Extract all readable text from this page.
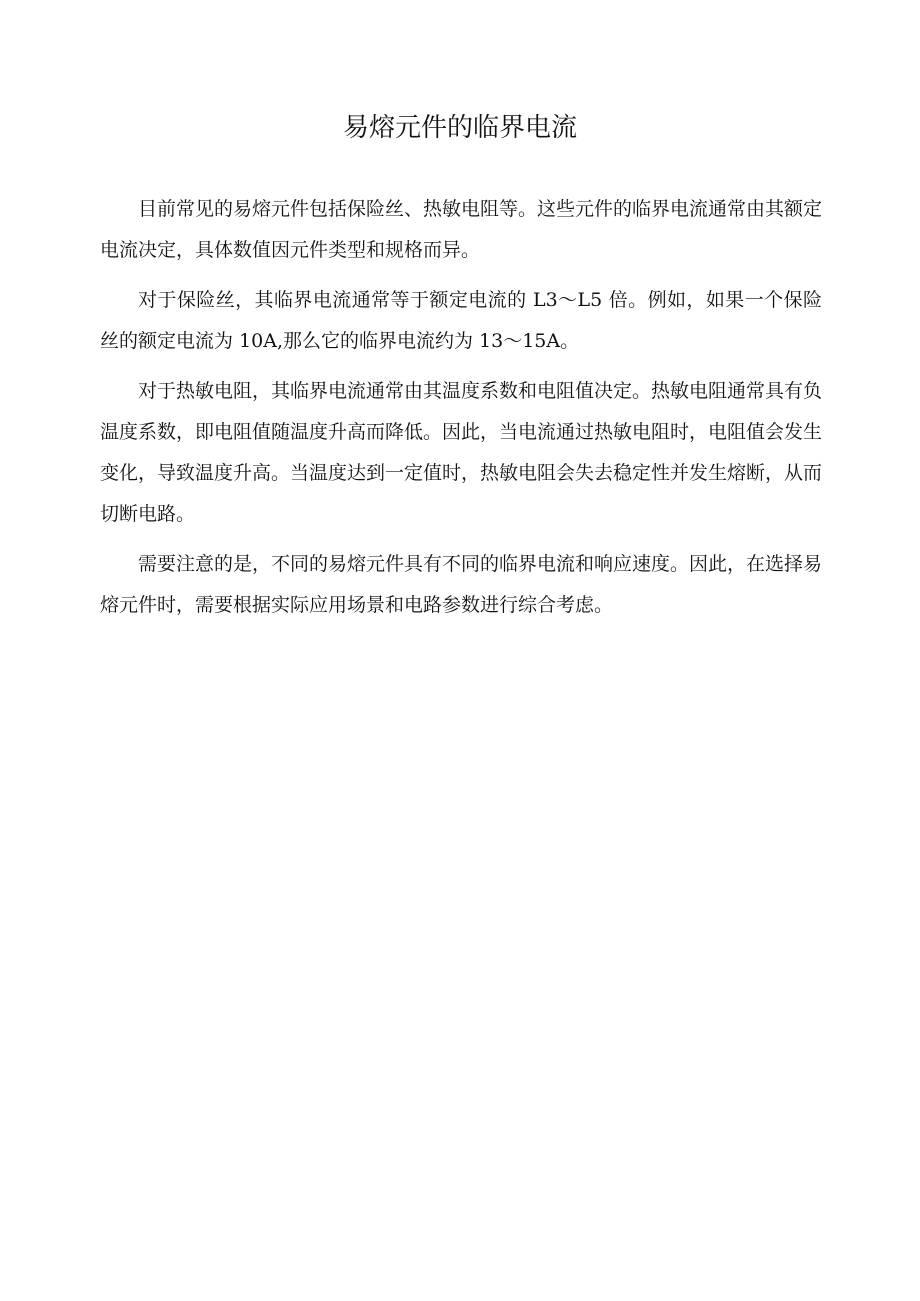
易熔元件的临界电流

目前常见的易熔元件包括保险丝、热敏电阻等。这些元件的临界电流通常由其额定电流决定，具体数值因元件类型和规格而异。

对于保险丝，其临界电流通常等于额定电流的 L3～L5 倍。例如，如果一个保险丝的额定电流为 10A,那么它的临界电流约为 13～15A。

对于热敏电阻，其临界电流通常由其温度系数和电阻值决定。热敏电阻通常具有负温度系数，即电阻值随温度升高而降低。因此，当电流通过热敏电阻时，电阻值会发生变化，导致温度升高。当温度达到一定值时，热敏电阻会失去稳定性并发生熔断，从而切断电路。

需要注意的是，不同的易熔元件具有不同的临界电流和响应速度。因此，在选择易熔元件时，需要根据实际应用场景和电路参数进行综合考虑。
